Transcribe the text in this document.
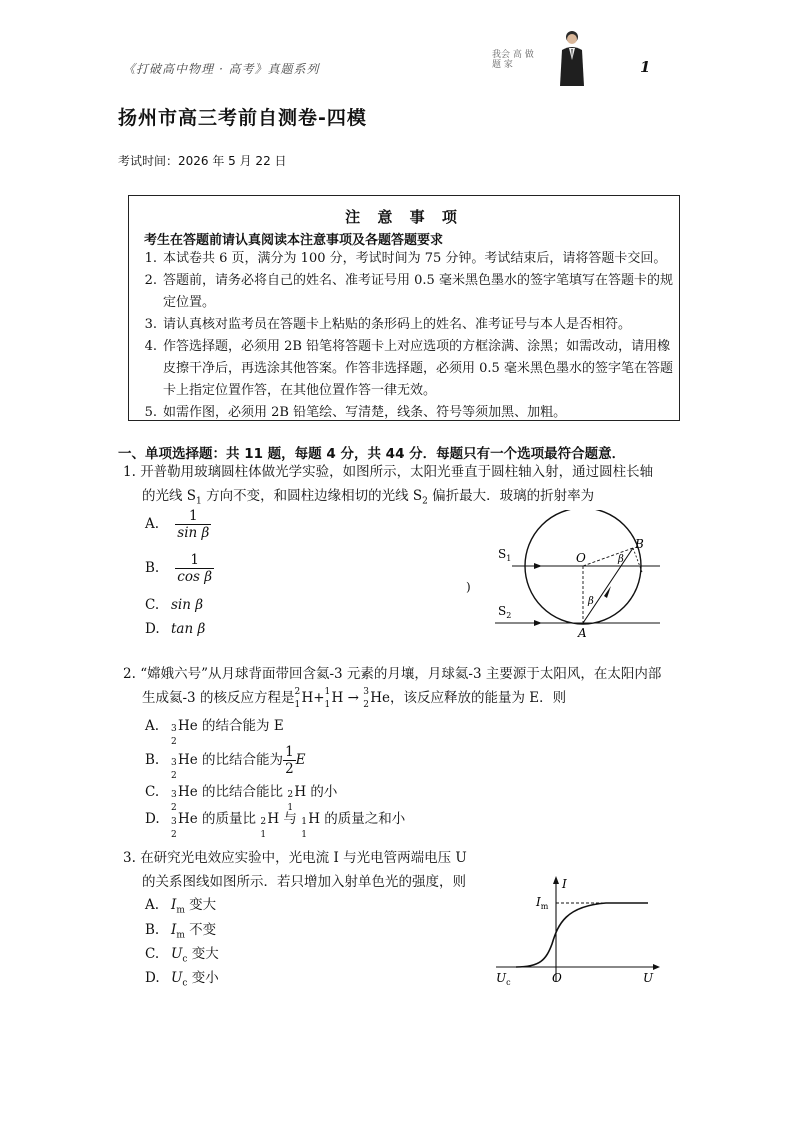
《打破高中物理 · 高考》真题系列
我会 高 做 题 家	1
扬州市高三考前自测卷-四模
考试时间：2026 年 5 月 22 日
注 意 事 项
考生在答题前请认真阅读本注意事项及各题答题要求
1. 本试卷共 6 页，满分为 100 分，考试时间为 75 分钟。考试结束后，请将答题卡交回。
2. 答题前，请务必将自己的姓名、准考证号用 0.5 毫米黑色墨水的签字笔填写在答题卡的规定位置。
3. 请认真核对监考员在答题卡上粘贴的条形码上的姓名、准考证号与本人是否相符。
4. 作答选择题，必须用 2B 铅笔将答题卡上对应选项的方框涂满、涂黑；如需改动，请用橡皮擦干净后，再选涂其他答案。作答非选择题，必须用 0.5 毫米黑色墨水的签字笔在答题卡上指定位置作答，在其他位置作答一律无效。
5. 如需作图，必须用 2B 铅笔绘、写清楚，线条、符号等须加黑、加粗。
一、单项选择题：共 11 题，每题 4 分，共 44 分．每题只有一个选项最符合题意．
1. 开普勒用玻璃圆柱体做光学实验，如图所示，太阳光垂直于圆柱轴入射，通过圆柱长轴
的光线 $S_1$ 方向不变，和圆柱边缘相切的光线 $S_2$ 偏折最大．玻璃的折射率为
A. $\frac{1}{\text{sin β}}$
B. $\frac{1}{\text{cos β}}$
C. sin β
D. tan β
)
$S_1$
$S_2$
O
A
B
β
β
2. “嫦娥六号”从月球背面带回含氦-3 元素的月壤，月球氦-3 主要源于太阳风，在太阳内部
生成氦-3 的核反应方程是 2
1 H+ 1
1 H → 3
2 He，该反应释放的能量为 E．则
A. 3
2
He 的结合能为 E
B. 3
2
He 的比结合能为 $\frac{1}{2}$ E
C. 3
2
He 的比结合能比 2
1
H 的小
D. 3
2
He 的质量比 2
1
H 与 1
1
H 的质量之和小
3. 在研究光电效应实验中，光电流 I 与光电管两端电压 U
的关系图线如图所示．若只增加入射单色光的强度，则
A. $I_m$ 变大
B. $I_m$ 不变
C. $U_c$ 变大
D. $U_c$ 变小
I
$I_m$
$U_c$	O	U
